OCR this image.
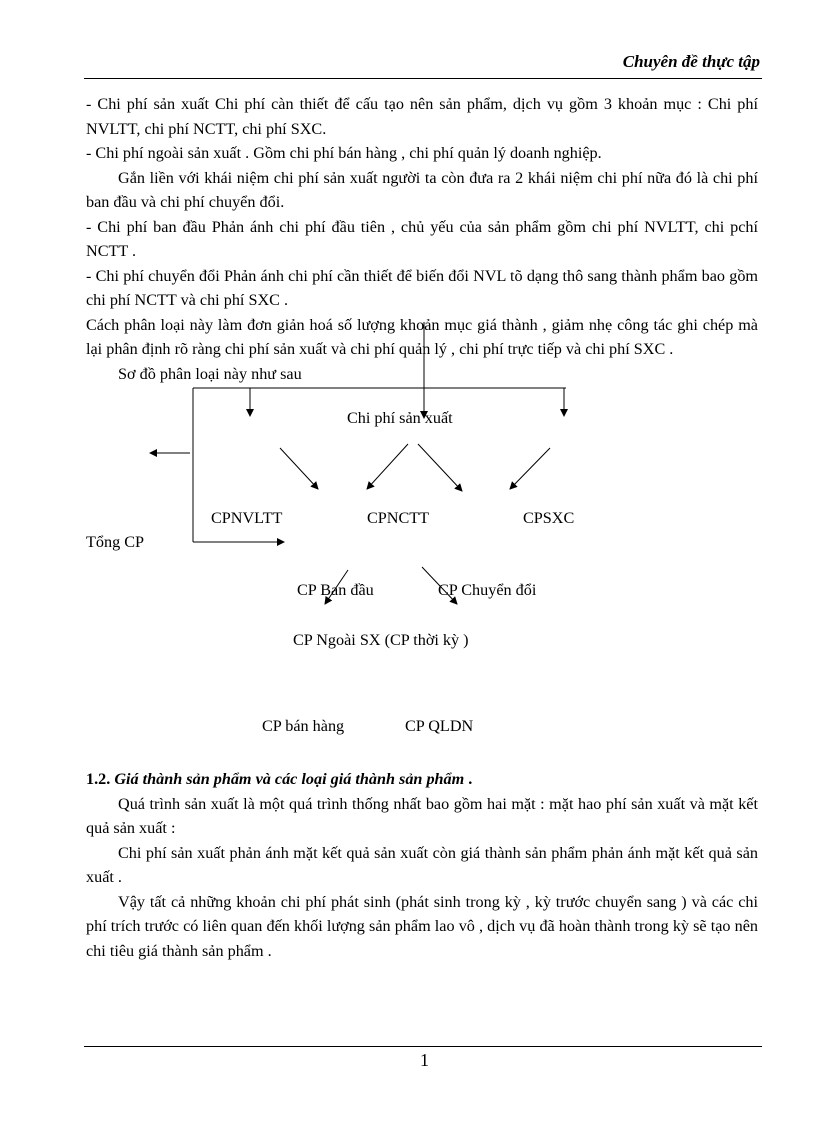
Chuyên đề thực tập

- Chi phí sản xuất Chi phí càn thiết để cấu tạo nên sản phẩm, dịch vụ gồm 3 khoản mục : Chi phí NVLTT, chi phí NCTT, chi phí SXC.

- Chi phí ngoài sản xuất . Gồm chi phí bán hàng , chi phí quản lý doanh nghiệp.

Gắn liền với khái niệm chi phí sản xuất người ta còn đưa ra 2 khái niệm chi phí nữa đó là chi phí ban đầu và chi phí chuyển đổi.

- Chi phí ban đầu Phản ánh chi phí đầu tiên , chủ yếu của sản phẩm gồm chi phí NVLTT, chi pchí NCTT .

- Chi phí chuyển đổi Phản ánh chi phí cần thiết để biến đổi NVL tõ dạng thô sang thành phẩm bao gồm chi phí NCTT và chi phí SXC .

Cách phân loại này làm đơn giản hoá số lượng khoản mục giá thành , giảm nhẹ công tác ghi chép mà lại phân định rõ ràng chi phí sản xuất và chi phí quản lý , chi phí trực tiếp và chi phí SXC .

Sơ đồ phân loại này như sau

Chi phí sản xuất
CPNVLTT	CPNCTT	CPSXC
Tổng CP
CP Ban đầu	CP Chuyển đổi
CP Ngoài SX (CP thời kỳ )
CP bán hàng	CP QLDN

1.2. Giá thành sản phẩm và các loại giá thành sản phẩm .

Quá trình sản xuất là một quá trình thống nhất bao gồm hai mặt : mặt hao phí sản xuất và mặt kết quả sản xuất :

Chi phí sản xuất phản ánh mặt kết quả sản xuất còn giá thành sản phẩm phản ánh mặt kết quả sản xuất .

Vậy tất cả những khoản chi phí phát sinh (phát sinh trong kỳ , kỳ trước chuyển sang ) và các chi phí trích trước có liên quan đến khối lượng sản phẩm lao vô , dịch vụ đã hoàn thành trong kỳ sẽ tạo nên chi tiêu giá thành sản phẩm .

1
